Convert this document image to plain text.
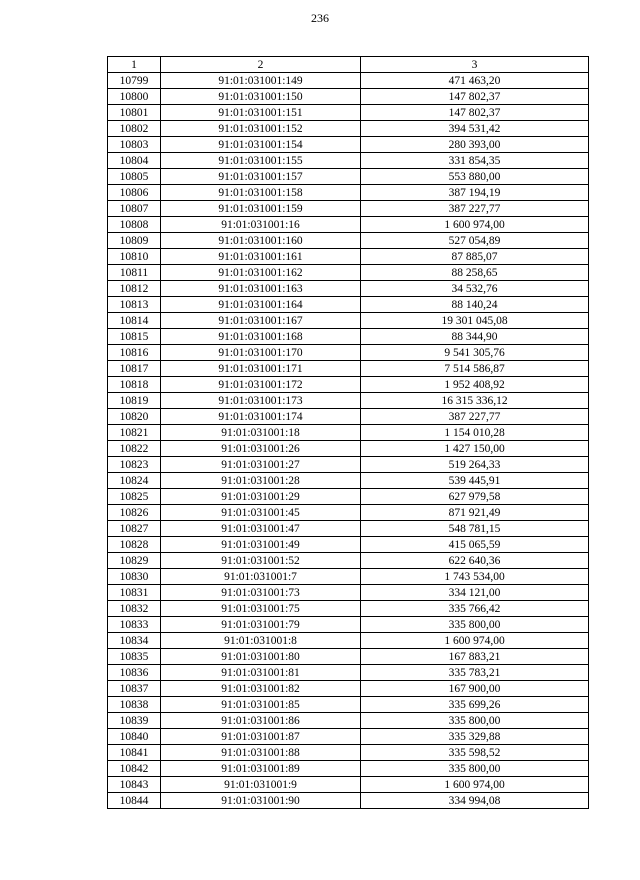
236
1	2	3
10799	91:01:031001:149	471 463,20
10800	91:01:031001:150	147 802,37
10801	91:01:031001:151	147 802,37
10802	91:01:031001:152	394 531,42
10803	91:01:031001:154	280 393,00
10804	91:01:031001:155	331 854,35
10805	91:01:031001:157	553 880,00
10806	91:01:031001:158	387 194,19
10807	91:01:031001:159	387 227,77
10808	91:01:031001:16	1 600 974,00
10809	91:01:031001:160	527 054,89
10810	91:01:031001:161	87 885,07
10811	91:01:031001:162	88 258,65
10812	91:01:031001:163	34 532,76
10813	91:01:031001:164	88 140,24
10814	91:01:031001:167	19 301 045,08
10815	91:01:031001:168	88 344,90
10816	91:01:031001:170	9 541 305,76
10817	91:01:031001:171	7 514 586,87
10818	91:01:031001:172	1 952 408,92
10819	91:01:031001:173	16 315 336,12
10820	91:01:031001:174	387 227,77
10821	91:01:031001:18	1 154 010,28
10822	91:01:031001:26	1 427 150,00
10823	91:01:031001:27	519 264,33
10824	91:01:031001:28	539 445,91
10825	91:01:031001:29	627 979,58
10826	91:01:031001:45	871 921,49
10827	91:01:031001:47	548 781,15
10828	91:01:031001:49	415 065,59
10829	91:01:031001:52	622 640,36
10830	91:01:031001:7	1 743 534,00
10831	91:01:031001:73	334 121,00
10832	91:01:031001:75	335 766,42
10833	91:01:031001:79	335 800,00
10834	91:01:031001:8	1 600 974,00
10835	91:01:031001:80	167 883,21
10836	91:01:031001:81	335 783,21
10837	91:01:031001:82	167 900,00
10838	91:01:031001:85	335 699,26
10839	91:01:031001:86	335 800,00
10840	91:01:031001:87	335 329,88
10841	91:01:031001:88	335 598,52
10842	91:01:031001:89	335 800,00
10843	91:01:031001:9	1 600 974,00
10844	91:01:031001:90	334 994,08
